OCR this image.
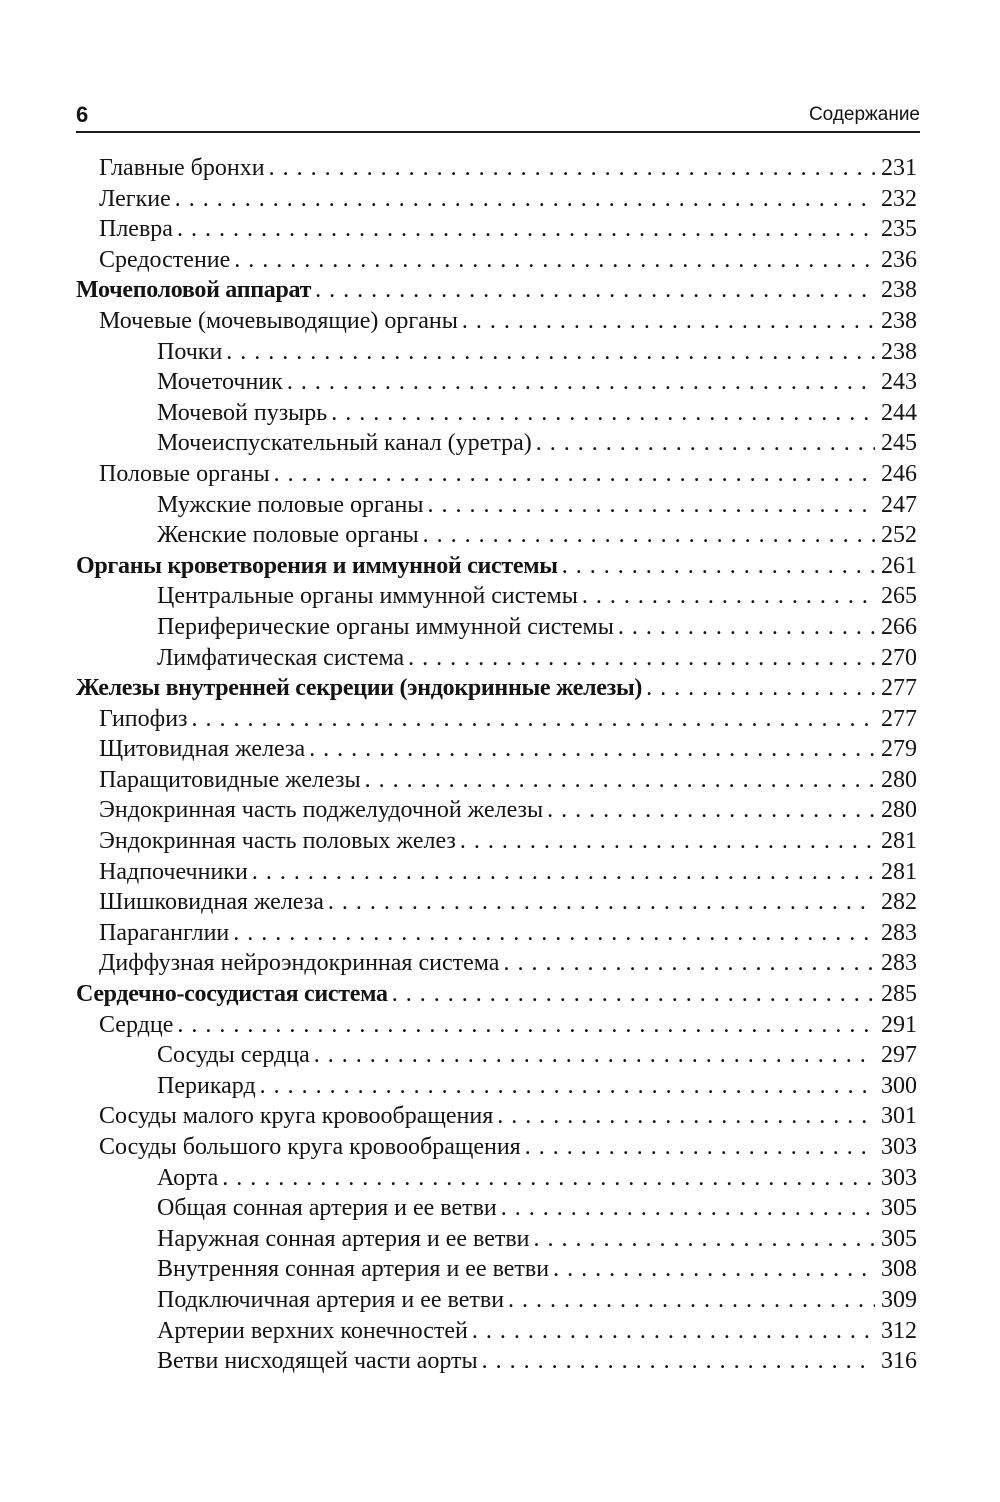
6	Содержание
Главные бронхи . . .	231
Легкие . . .	232
Плевра . . .	235
Средостение . . .	236
Мочеполовой аппарат . . .	238
Мочевые (мочевыводящие) органы . . .	238
Почки . . .	238
Мочеточник . . .	243
Мочевой пузырь . . .	244
Мочеиспускательный канал (уретра) . . .	245
Половые органы . . .	246
Мужские половые органы . . .	247
Женские половые органы . . .	252
Органы кроветворения и иммунной системы . . .	261
Центральные органы иммунной системы . . .	265
Периферические органы иммунной системы . . .	266
Лимфатическая система . . .	270
Железы внутренней секреции (эндокринные железы) . . .	277
Гипофиз . . .	277
Щитовидная железа . . .	279
Паращитовидные железы . . .	280
Эндокринная часть поджелудочной железы . . .	280
Эндокринная часть половых желез . . .	281
Надпочечники . . .	281
Шишковидная железа . . .	282
Параганглии . . .	283
Диффузная нейроэндокринная система . . .	283
Сердечно-сосудистая система . . .	285
Сердце . . .	291
Сосуды сердца . . .	297
Перикард . . .	300
Сосуды малого круга кровообращения . . .	301
Сосуды большого круга кровообращения . . .	303
Аорта . . .	303
Общая сонная артерия и ее ветви . . .	305
Наружная сонная артерия и ее ветви . . .	305
Внутренняя сонная артерия и ее ветви . . .	308
Подключичная артерия и ее ветви . . .	309
Артерии верхних конечностей . . .	312
Ветви нисходящей части аорты . . .	316
